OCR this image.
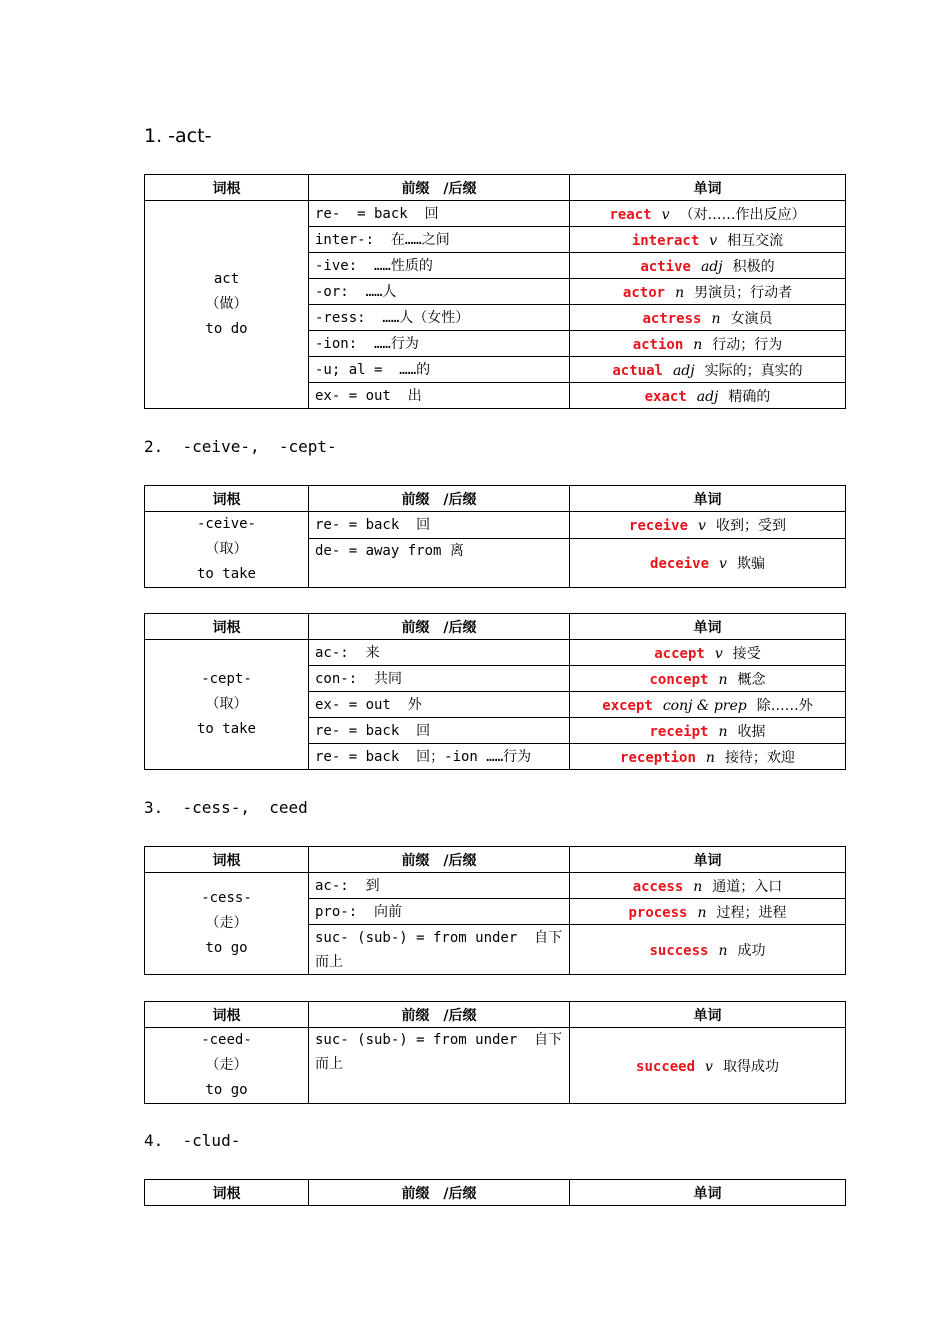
1. -act-
词根	前缀　/后缀	单词

act
（做）
to do	re-  = back  回	react v （对……作出反应）
	inter-:  在……之间	interact v 相互交流
	-ive:  ……性质的	active adj 积极的
	-or:  ……人	actor n 男演员；行动者
	-ress:  ……人（女性）	actress n 女演员
	-ion:  ……行为	action n 行动；行为
	-u; al =  ……的	actual adj 实际的；真实的
	ex- = out  出	exact adj 精确的
2.  -ceive-,  -cept-
词根	前缀　/后缀	单词

-ceive-
（取）
to take	re- = back  回	receive v 收到；受到
	de- = away from 离	deceive v 欺骗
词根	前缀　/后缀	单词

-cept-
（取）
to take	ac-:  来	accept v 接受
	con-:  共同	concept n 概念
	ex- = out  外	except conj & prep 除……外
	re- = back  回	receipt n 收据
	re- = back  回；-ion ……行为	reception n 接待；欢迎
3.  -cess-,  ceed
词根	前缀　/后缀	单词

-cess-
（走）
to go	ac-:  到	access n 通道；入口
	pro-:  向前	process n 过程；进程
	suc- (sub-) = from under  自下而上	success n 成功
词根	前缀　/后缀	单词

-ceed-
（走）
to go	suc- (sub-) = from under  自下而上	succeed v 取得成功
4.  -clud-
词根	前缀　/后缀	单词
